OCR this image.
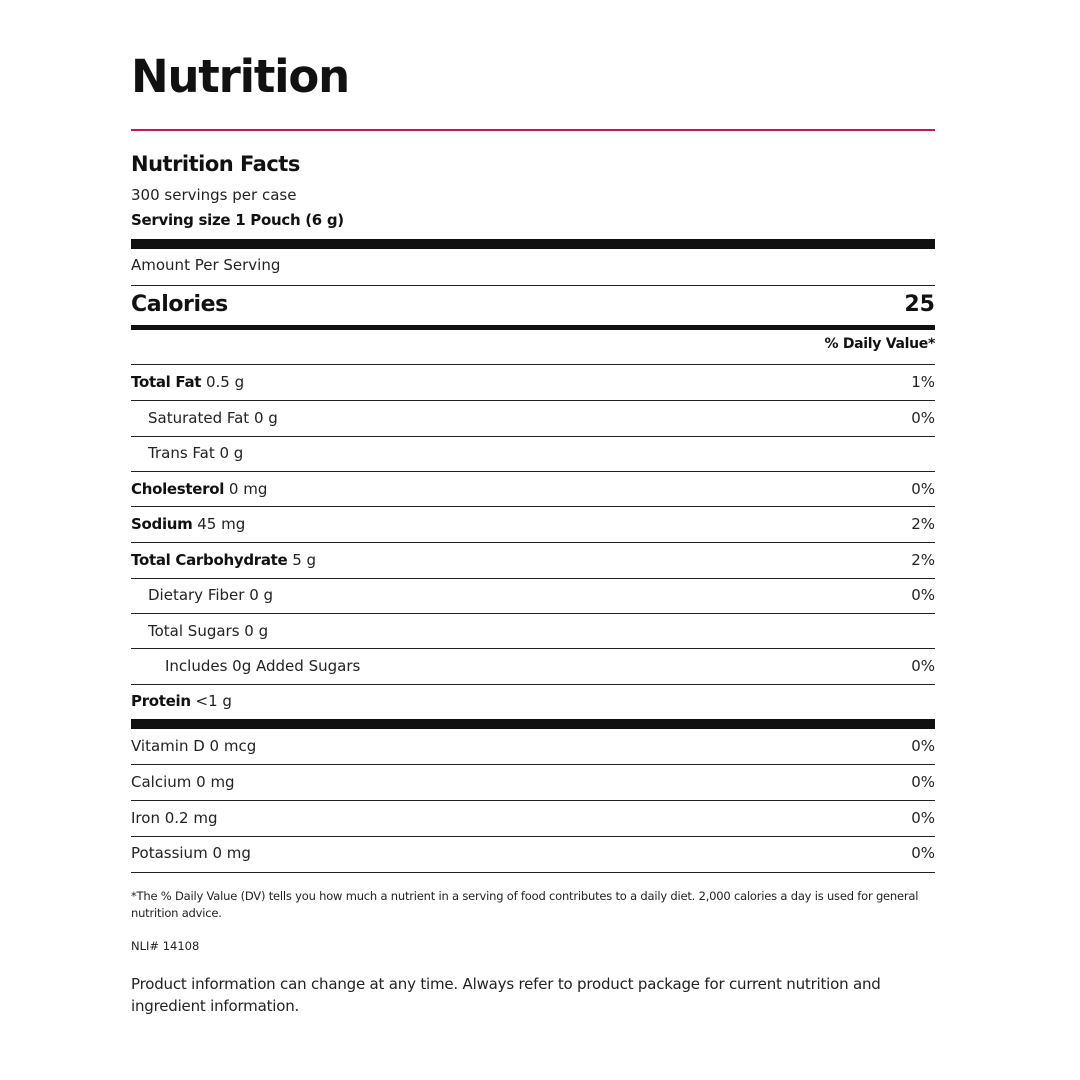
Nutrition
Nutrition Facts
300 servings per case
Serving size 1 Pouch (6 g)
Amount Per Serving
Calories	25
% Daily Value*
Total Fat 0.5 g	1%
Saturated Fat 0 g	0%
Trans Fat 0 g
Cholesterol 0 mg	0%
Sodium 45 mg	2%
Total Carbohydrate 5 g	2%
Dietary Fiber 0 g	0%
Total Sugars 0 g
Includes 0g Added Sugars	0%
Protein <1 g
Vitamin D 0 mcg	0%
Calcium 0 mg	0%
Iron 0.2 mg	0%
Potassium 0 mg	0%
*The % Daily Value (DV) tells you how much a nutrient in a serving of food contributes to a daily diet. 2,000 calories a day is used for general nutrition advice.
NLI# 14108
Product information can change at any time. Always refer to product package for current nutrition and ingredient information.
